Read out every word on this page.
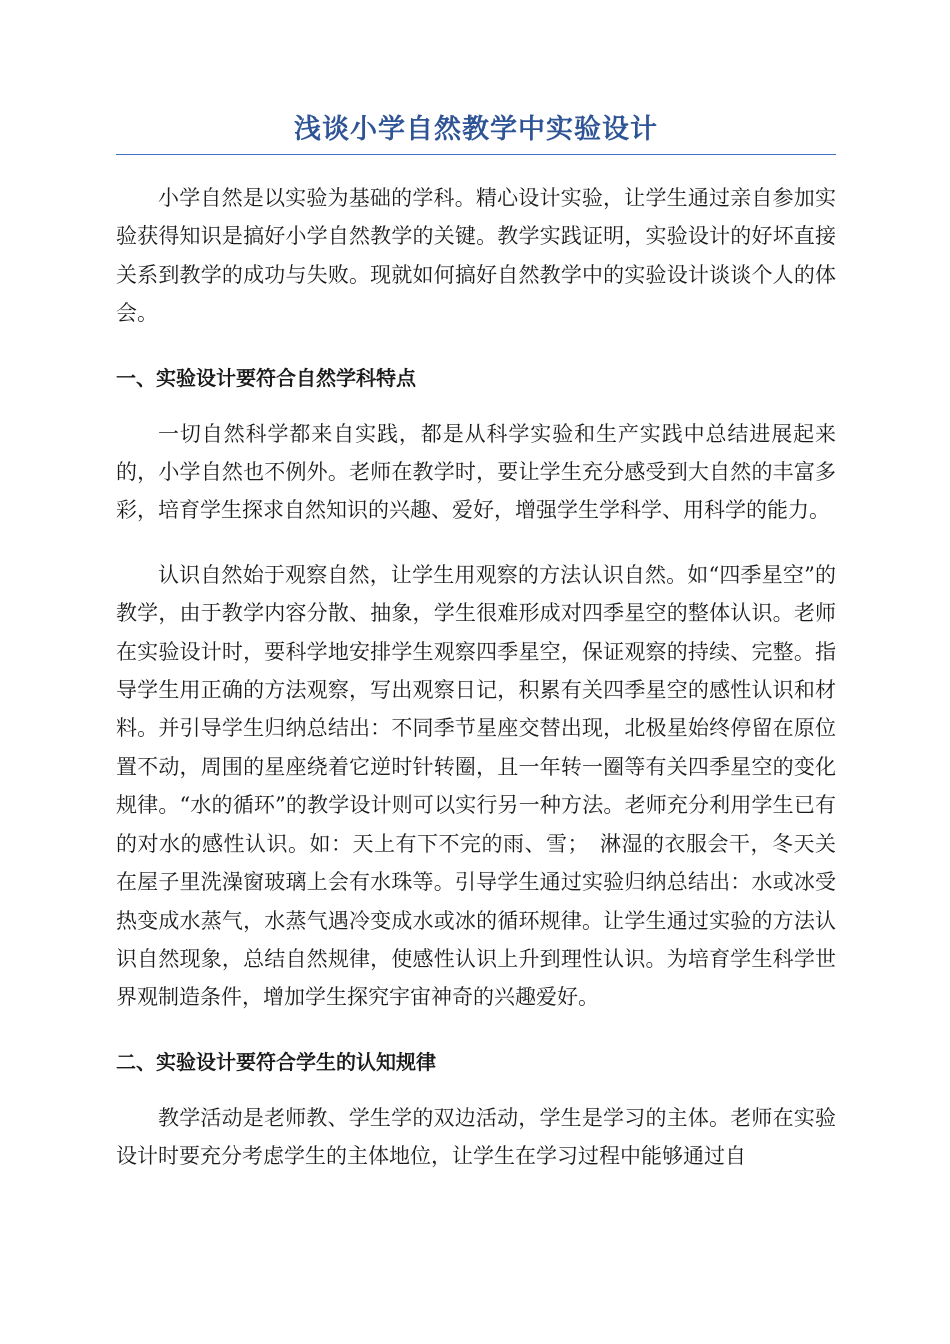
浅谈小学自然教学中实验设计

小学自然是以实验为基础的学科。精心设计实验，让学生通过亲自参加实验获得知识是搞好小学自然教学的关键。教学实践证明，实验设计的好坏直接关系到教学的成功与失败。现就如何搞好自然教学中的实验设计谈谈个人的体会。

一、实验设计要符合自然学科特点

一切自然科学都来自实践，都是从科学实验和生产实践中总结进展起来的，小学自然也不例外。老师在教学时，要让学生充分感受到大自然的丰富多彩，培育学生探求自然知识的兴趣、爱好，增强学生学科学、用科学的能力。

认识自然始于观察自然，让学生用观察的方法认识自然。如“四季星空”的教学，由于教学内容分散、抽象，学生很难形成对四季星空的整体认识。老师在实验设计时，要科学地安排学生观察四季星空，保证观察的持续、完整。指导学生用正确的方法观察，写出观察日记，积累有关四季星空的感性认识和材料。并引导学生归纳总结出：不同季节星座交替出现，北极星始终停留在原位置不动，周围的星座绕着它逆时针转圈，且一年转一圈等有关四季星空的变化规律。“水的循环”的教学设计则可以实行另一种方法。老师充分利用学生已有的对水的感性认识。如：天上有下不完的雨、雪；　淋湿的衣服会干，冬天关在屋子里洗澡窗玻璃上会有水珠等。引导学生通过实验归纳总结出：水或冰受热变成水蒸气，水蒸气遇冷变成水或冰的循环规律。让学生通过实验的方法认识自然现象，总结自然规律，使感性认识上升到理性认识。为培育学生科学世界观制造条件，增加学生探究宇宙神奇的兴趣爱好。

二、实验设计要符合学生的认知规律

教学活动是老师教、学生学的双边活动，学生是学习的主体。老师在实验设计时要充分考虑学生的主体地位，让学生在学习过程中能够通过自
